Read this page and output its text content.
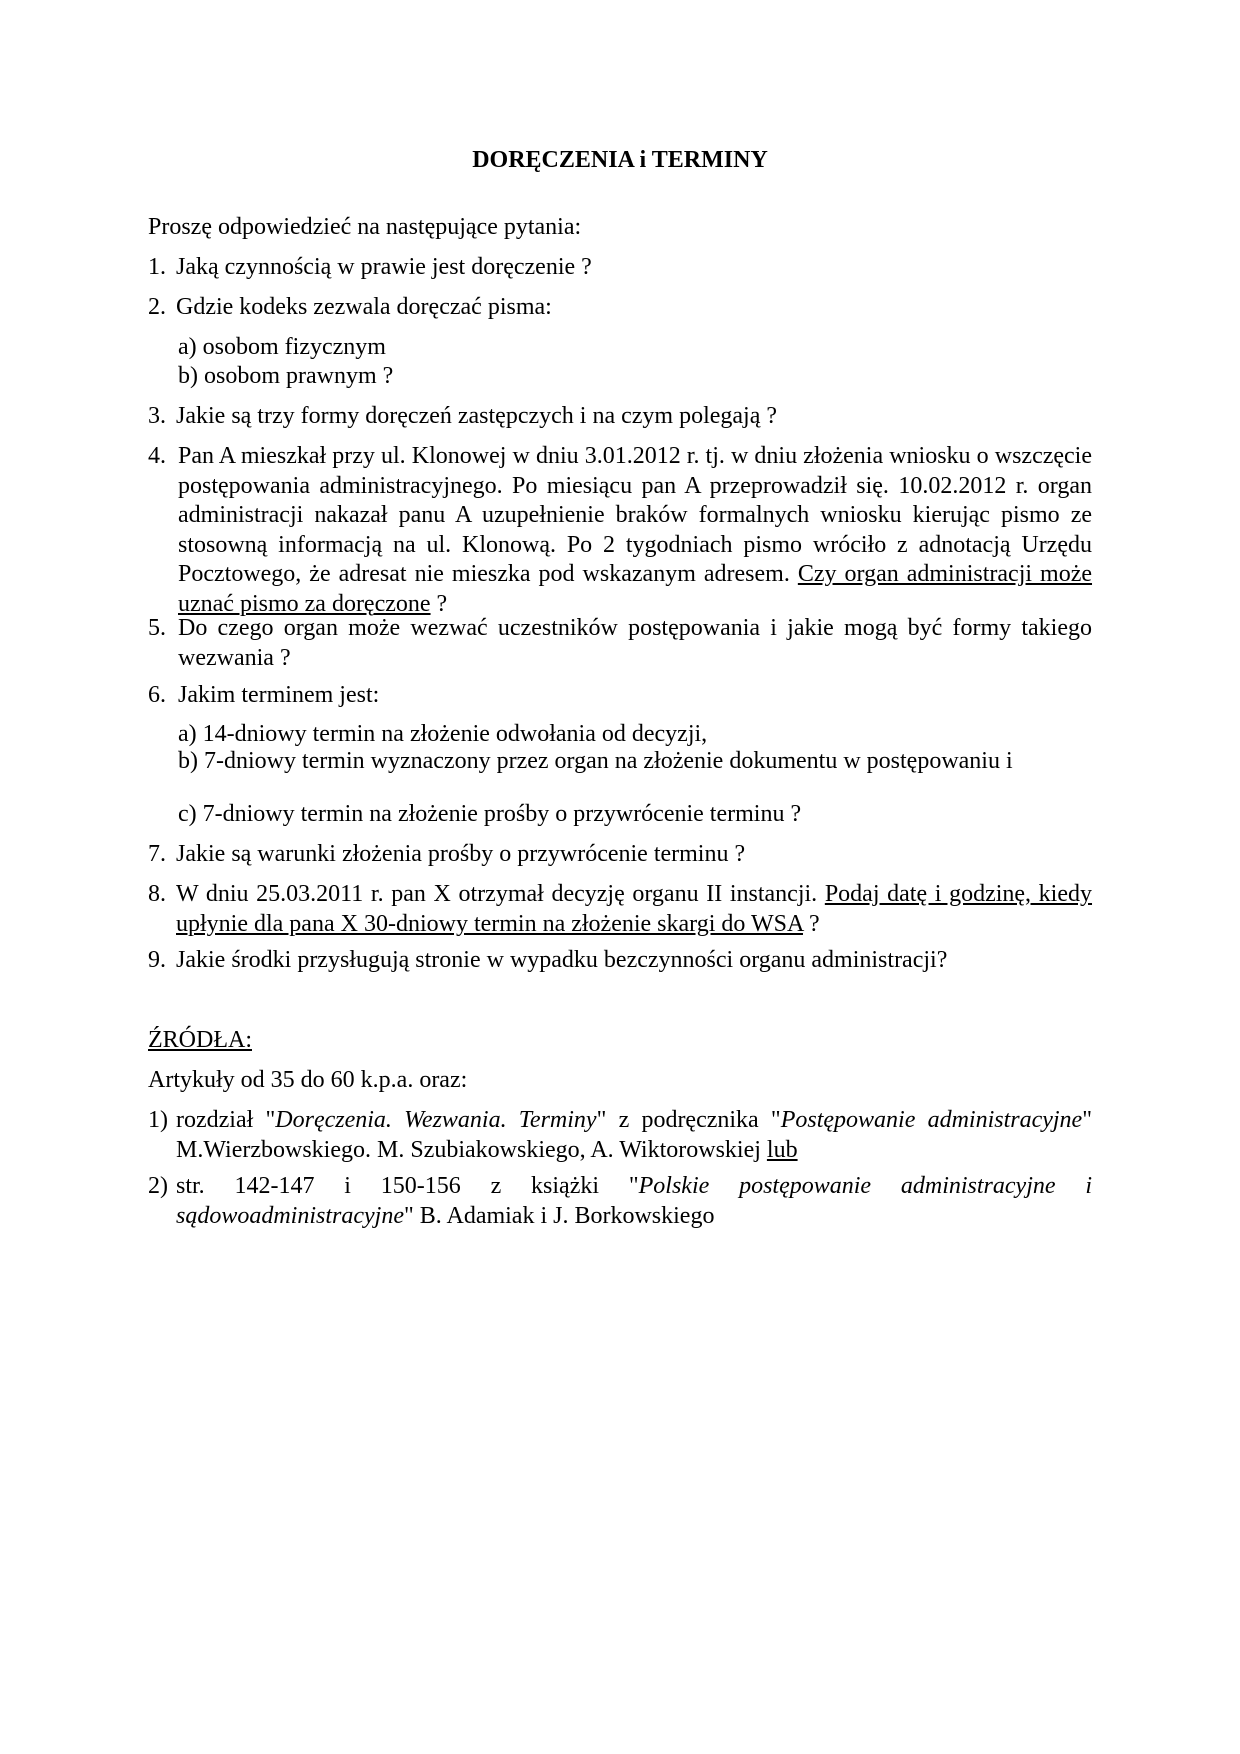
DORĘCZENIA i TERMINY
Proszę odpowiedzieć na następujące pytania:
1. Jaką czynnością w prawie jest doręczenie ?
2. Gdzie kodeks zezwala doręczać pisma:
a) osobom fizycznym
b) osobom prawnym ?
3. Jakie są trzy formy doręczeń zastępczych i na czym polegają ?
4. Pan A mieszkał przy ul. Klonowej w dniu 3.01.2012 r. tj. w dniu złożenia wniosku o wszczęcie postępowania administracyjnego. Po miesiącu pan A przeprowadził się. 10.02.2012 r. organ administracji nakazał panu A uzupełnienie braków formalnych wniosku kierując pismo ze stosowną informacją na ul. Klonową. Po 2 tygodniach pismo wróciło z adnotacją Urzędu Pocztowego, że adresat nie mieszka pod wskazanym adresem. Czy organ administracji może uznać pismo za doręczone ?
5. Do czego organ może wezwać uczestników postępowania i jakie mogą być formy takiego wezwania ?
6. Jakim terminem jest:
a) 14-dniowy termin na złożenie odwołania od decyzji,
b) 7-dniowy termin wyznaczony przez organ na złożenie dokumentu w postępowaniu i
c) 7-dniowy termin na złożenie prośby o przywrócenie terminu ?
7. Jakie są warunki złożenia prośby o przywrócenie terminu ?
8. W dniu 25.03.2011 r. pan X otrzymał decyzję organu II instancji. Podaj datę i godzinę, kiedy upłynie dla pana X 30-dniowy termin na złożenie skargi do WSA ?
9. Jakie środki przysługują stronie w wypadku bezczynności organu administracji?
ŹRÓDŁA:
Artykuły od 35 do 60 k.p.a. oraz:
1) rozdział "Doręczenia. Wezwania. Terminy" z podręcznika "Postępowanie administracyjne" M.Wierzbowskiego. M. Szubiakowskiego, A. Wiktorowskiej lub
2) str. 142-147 i 150-156 z książki "Polskie postępowanie administracyjne i sądowoadministracyjne" B. Adamiak i J. Borkowskiego
